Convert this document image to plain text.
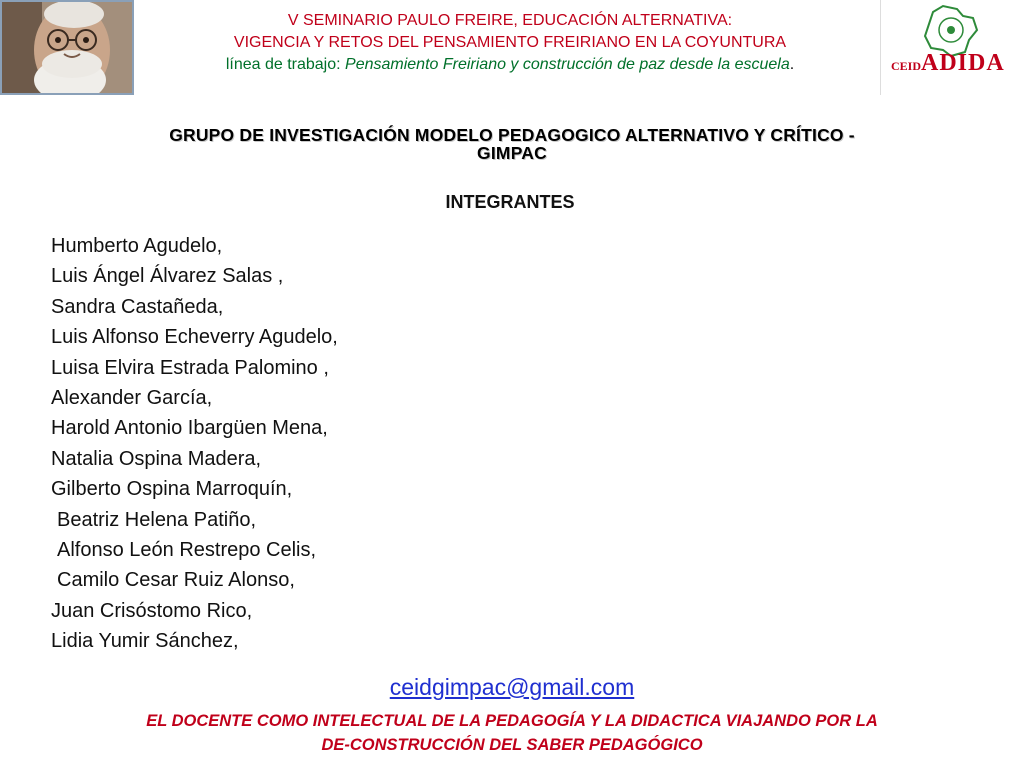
V SEMINARIO PAULO FREIRE, EDUCACIÓN ALTERNATIVA:
VIGENCIA Y RETOS DEL PENSAMIENTO FREIRIANO EN LA COYUNTURA
línea de trabajo: Pensamiento Freiriano y construcción de paz desde la escuela.	CEIDADIDA
GRUPO DE INVESTIGACIÓN MODELO PEDAGOGICO ALTERNATIVO Y CRÍTICO -
GIMPAC
INTEGRANTES
Humberto Agudelo,
Luis Ángel Álvarez Salas ,
Sandra Castañeda,
Luis Alfonso Echeverry Agudelo,
Luisa Elvira Estrada Palomino ,
Alexander García,
Harold Antonio Ibargüen Mena,
Natalia Ospina Madera,
Gilberto Ospina Marroquín,
Beatriz Helena Patiño,
Alfonso León Restrepo Celis,
Camilo Cesar Ruiz Alonso,
Juan Crisóstomo Rico,
Lidia Yumir Sánchez,
ceidgimpac@gmail.com
EL DOCENTE COMO INTELECTUAL DE LA PEDAGOGÍA Y LA DIDACTICA VIAJANDO POR LA
DE-CONSTRUCCIÓN DEL SABER PEDAGÓGICO
